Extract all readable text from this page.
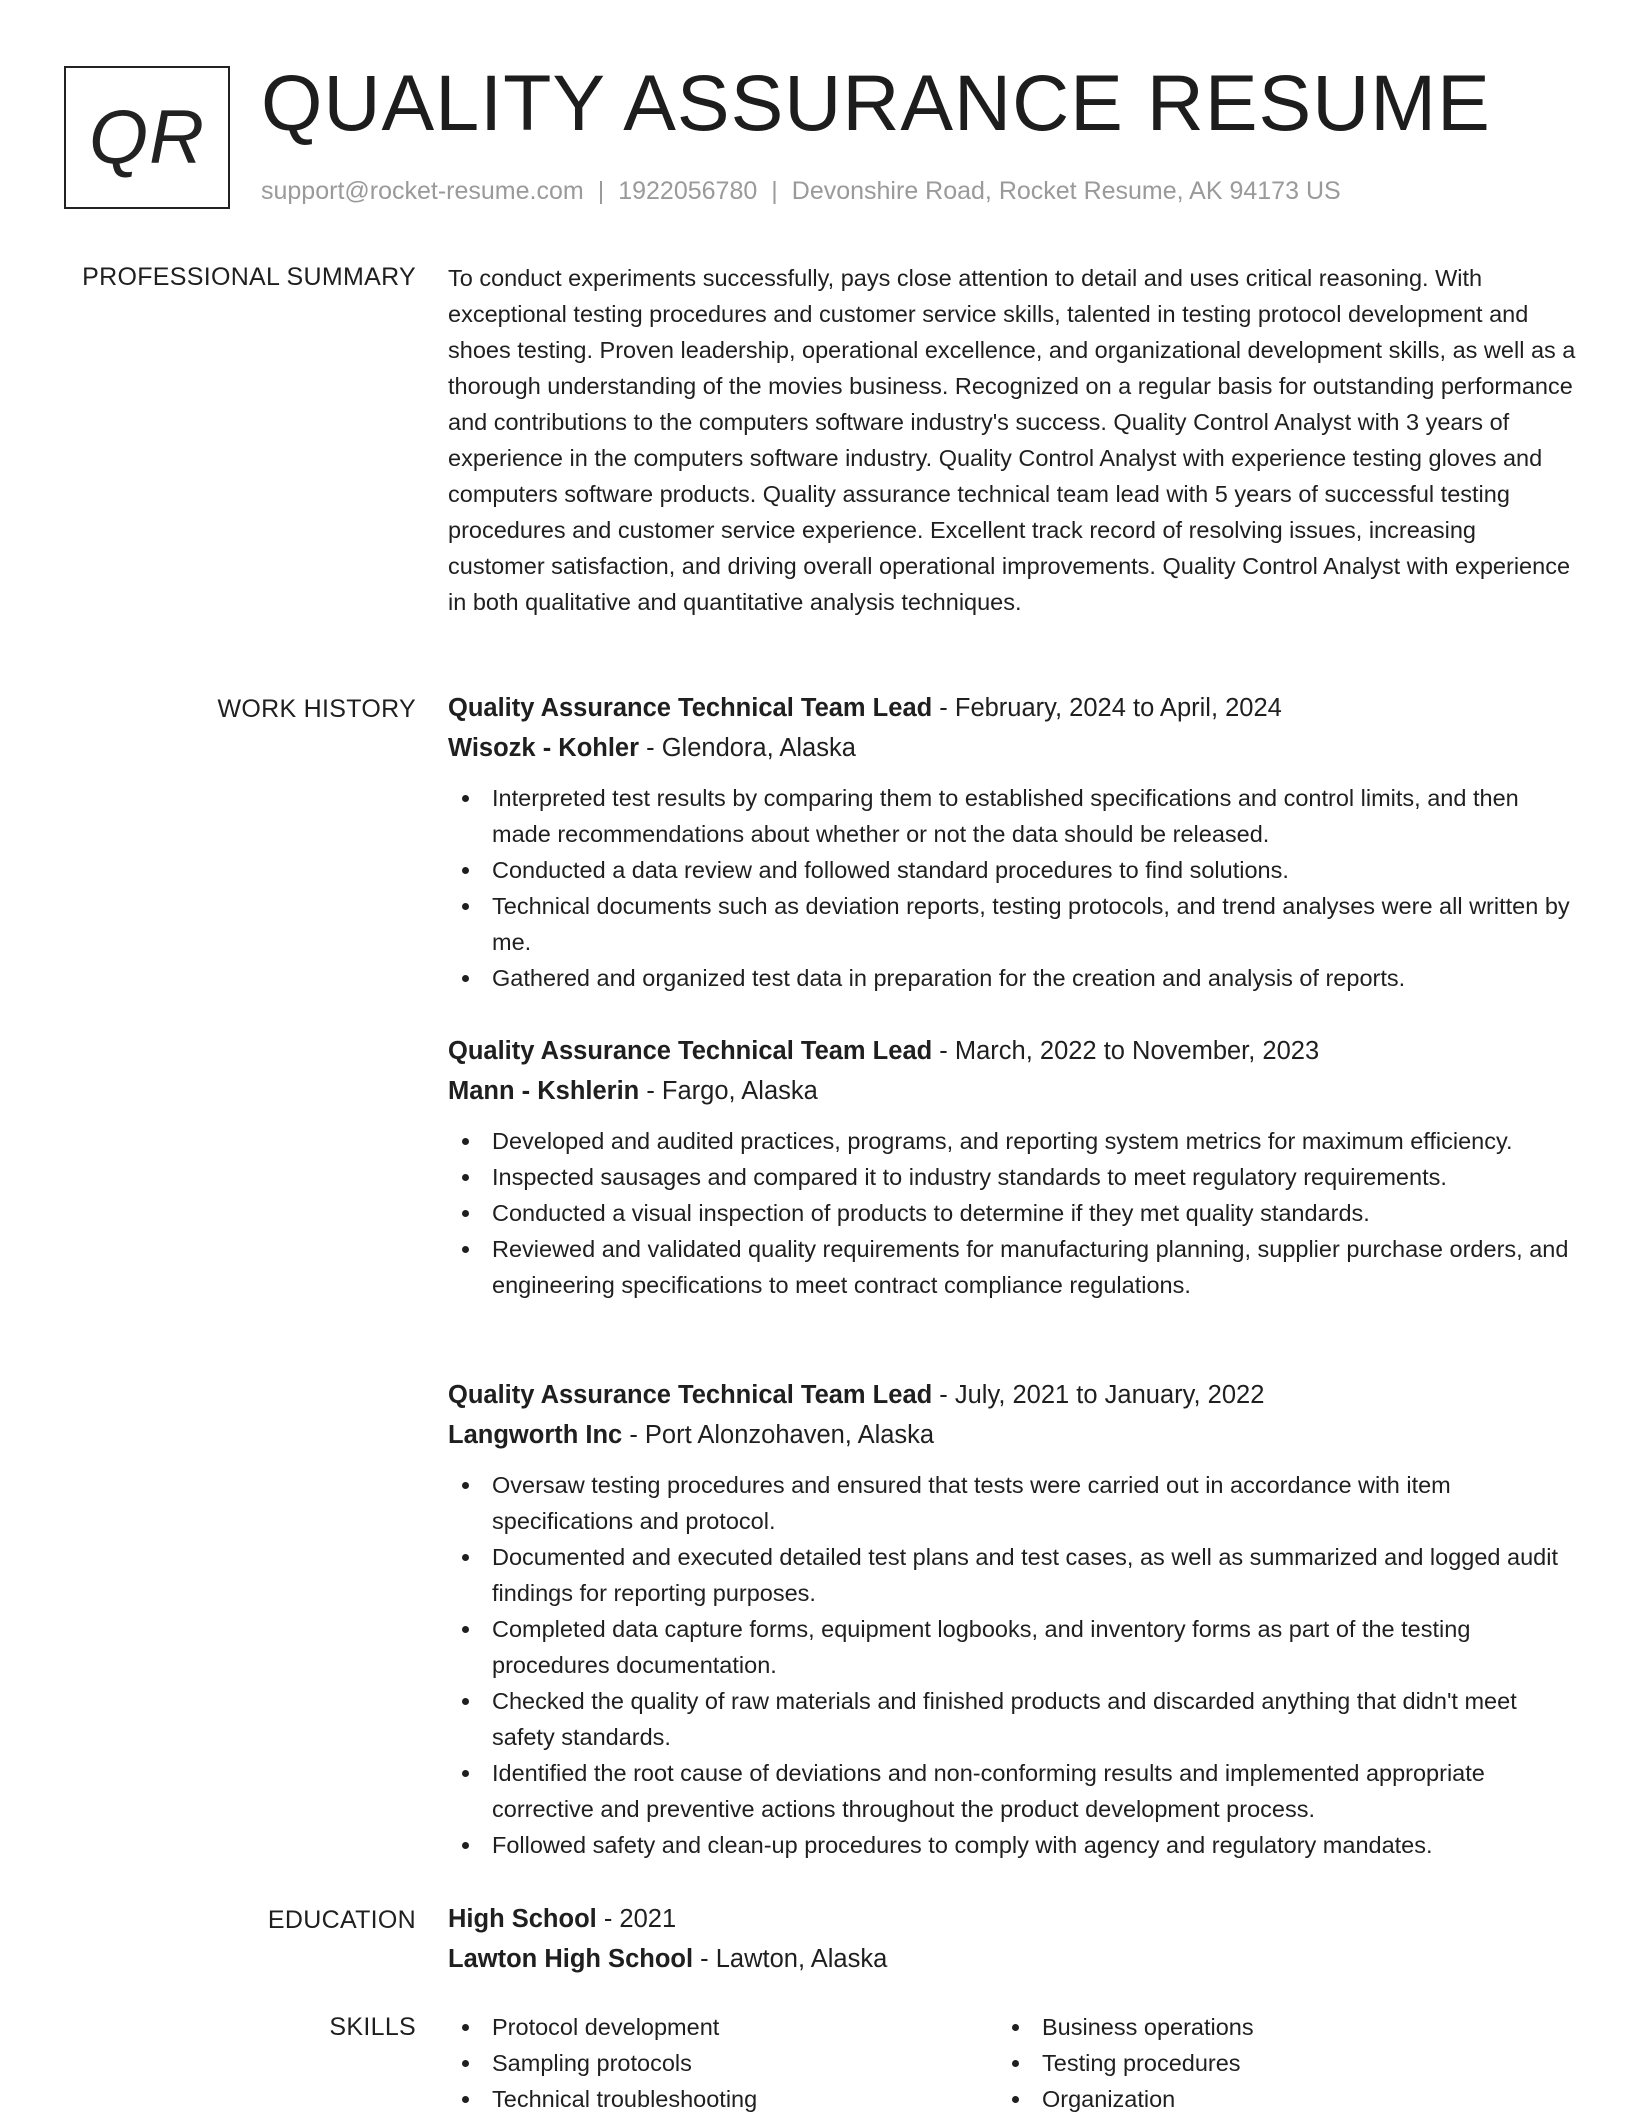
QR QUALITY ASSURANCE RESUME
support@rocket-resume.com | 1922056780 | Devonshire Road, Rocket Resume, AK 94173 US
PROFESSIONAL SUMMARY To conduct experiments successfully, pays close attention to detail and uses critical reasoning. With exceptional testing procedures and customer service skills, talented in testing protocol development and shoes testing. Proven leadership, operational excellence, and organizational development skills, as well as a thorough understanding of the movies business. Recognized on a regular basis for outstanding performance and contributions to the computers software industry's success. Quality Control Analyst with 3 years of experience in the computers software industry. Quality Control Analyst with experience testing gloves and computers software products. Quality assurance technical team lead with 5 years of successful testing procedures and customer service experience. Excellent track record of resolving issues, increasing customer satisfaction, and driving overall operational improvements. Quality Control Analyst with experience in both qualitative and quantitative analysis techniques.
WORK HISTORY Quality Assurance Technical Team Lead - February, 2024 to April, 2024
Wisozk - Kohler - Glendora, Alaska
Interpreted test results by comparing them to established specifications and control limits, and then made recommendations about whether or not the data should be released.
Conducted a data review and followed standard procedures to find solutions.
Technical documents such as deviation reports, testing protocols, and trend analyses were all written by me.
Gathered and organized test data in preparation for the creation and analysis of reports.
Quality Assurance Technical Team Lead - March, 2022 to November, 2023
Mann - Kshlerin - Fargo, Alaska
Developed and audited practices, programs, and reporting system metrics for maximum efficiency.
Inspected sausages and compared it to industry standards to meet regulatory requirements.
Conducted a visual inspection of products to determine if they met quality standards.
Reviewed and validated quality requirements for manufacturing planning, supplier purchase orders, and engineering specifications to meet contract compliance regulations.
Quality Assurance Technical Team Lead - July, 2021 to January, 2022
Langworth Inc - Port Alonzohaven, Alaska
Oversaw testing procedures and ensured that tests were carried out in accordance with item specifications and protocol.
Documented and executed detailed test plans and test cases, as well as summarized and logged audit findings for reporting purposes.
Completed data capture forms, equipment logbooks, and inventory forms as part of the testing procedures documentation.
Checked the quality of raw materials and finished products and discarded anything that didn't meet safety standards.
Identified the root cause of deviations and non-conforming results and implemented appropriate corrective and preventive actions throughout the product development process.
Followed safety and clean-up procedures to comply with agency and regulatory mandates.
EDUCATION High School - 2021
Lawton High School - Lawton, Alaska
SKILLS	Protocol development
Sampling protocols
Technical troubleshooting
Business operations
Testing procedures
Organization
